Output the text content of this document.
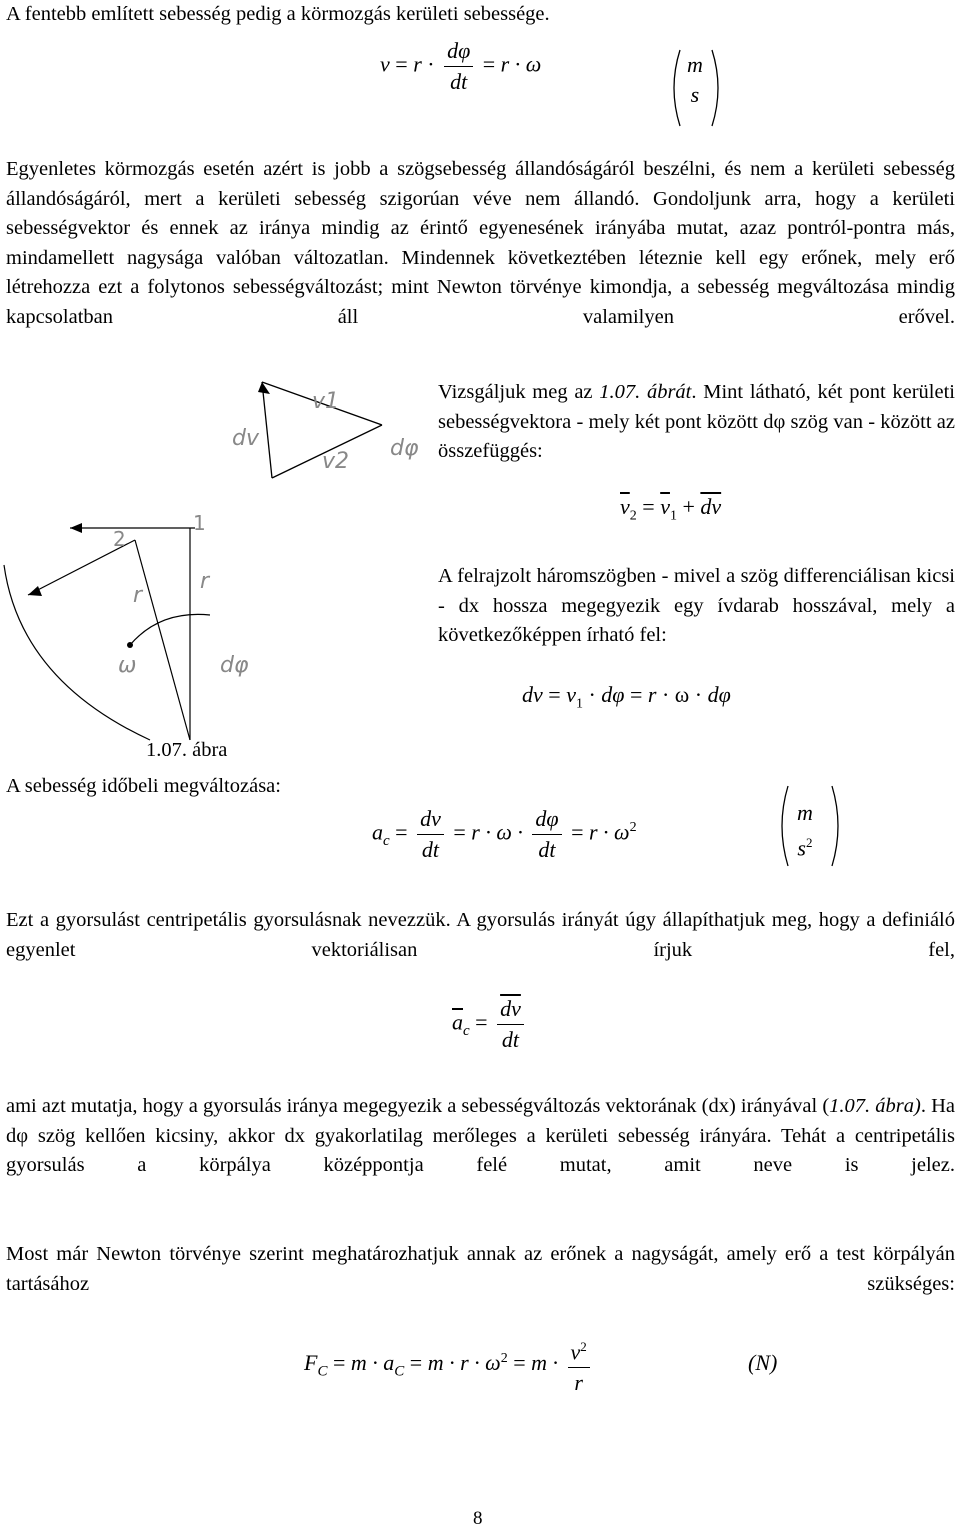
A fentebb említett sebesség pedig a körmozgás kerületi sebessége.

$v = r \cdot \frac{d\varphi}{dt} = r \cdot \omega$	m
s

Egyenletes körmozgás esetén azért is jobb a szögsebesség állandóságáról beszélni, és nem a kerületi sebesség állandóságáról, mert a kerületi sebesség szigorúan véve nem állandó. Gondoljunk arra, hogy a kerületi sebességvektor és ennek az iránya mindig az érintő egyenesének irányába mutat, azaz pontról-pontra más, mindamellett nagysága valóban változatlan. Mindennek következtében léteznie kell egy erőnek, mely erő létrehozza ezt a folytonos sebességváltozást; mint Newton törvénye kimondja, a sebesség megváltozása mindig kapcsolatban áll valamilyen erővel.

dv
v1
v2
dφ
1
2
r
r
ω	dφ
1.07. ábra

Vizsgáljuk meg az 1.07. ábrát. Mint látható, két pont kerületi sebességvektora - mely két pont között dφ szög van - között az összefüggés:

$\overline{v}_2 = \overline{v}_1 + \overline{dv}$

A felrajzolt háromszögben - mivel a szög differenciálisan kicsi - dx hossza megegyezik egy ívdarab hosszával, mely a következőképpen írható fel:

dv = $v_1 \cdot d\varphi = r \cdot \omega \cdot d\varphi$
A sebesség időbeli megváltozása:
$a_c = \frac{dv}{dt} = r \cdot \omega \cdot \frac{d\varphi}{dt} = r \cdot \omega^2$
m
$s^2$

Ezt a gyorsulást centripetális gyorsulásnak nevezzük. A gyorsulás irányát úgy állapíthatjuk meg, hogy a definiáló egyenlet vektoriálisan írjuk fel,

$\overline{a}_c = \frac{\overline{dv}}{dt}$

ami azt mutatja, hogy a gyorsulás iránya megegyezik a sebességváltozás vektorának (dx) irányával (1.07. ábra). Ha dφ szög kellően kicsiny, akkor dx gyakorlatilag merőleges a kerületi sebesség irányára. Tehát a centripetális gyorsulás a körpálya középpontja felé mutat, amit neve is jelez.

Most már Newton törvénye szerint meghatározhatjuk annak az erőnek a nagyságát, amely erő a test körpályán tartásához szükséges:

$F_C = m \cdot a_C = m \cdot r \cdot \omega^2 = m \cdot \frac{v^2}{r}$	(N)
8
